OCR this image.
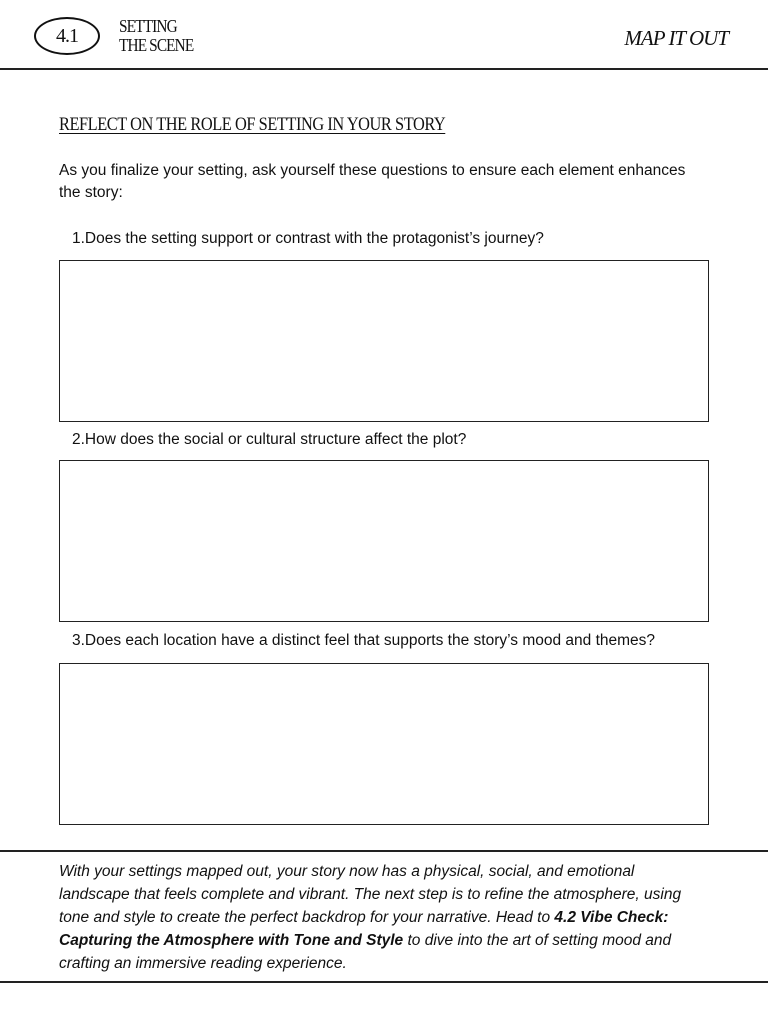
4.1 SETTING
THE SCENE	MAP IT OUT
REFLECT ON THE ROLE OF SETTING IN YOUR STORY
As you finalize your setting, ask yourself these questions to ensure each element enhances the story:
1.Does the setting support or contrast with the protagonist’s journey?
2.How does the social or cultural structure affect the plot?
3.Does each location have a distinct feel that supports the story’s mood and themes?
With your settings mapped out, your story now has a physical, social, and emotional landscape that feels complete and vibrant. The next step is to refine the atmosphere, using tone and style to create the perfect backdrop for your narrative. Head to 4.2 Vibe Check: Capturing the Atmosphere with Tone and Style to dive into the art of setting mood and crafting an immersive reading experience.
